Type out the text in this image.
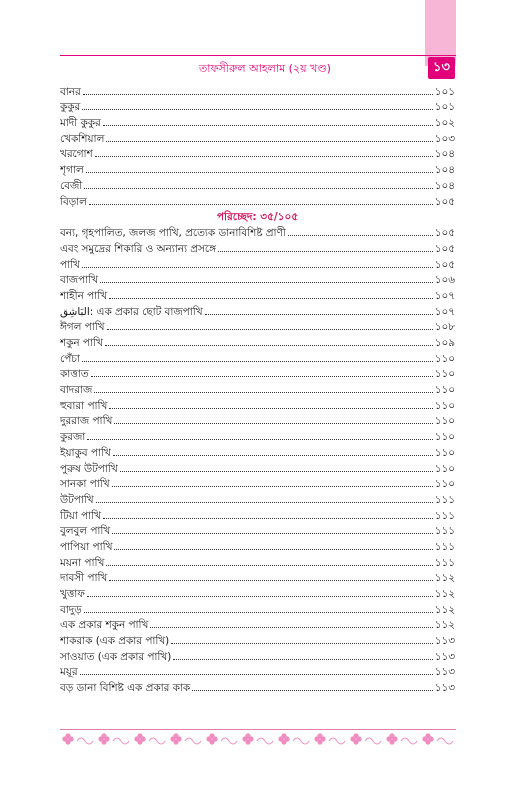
তাফসীরুল আহলাম (২য় খণ্ড)	১৩
বানর	১০১
কুকুর	১০১
মাদী কুকুর	১০২
খেকশিয়াল	১০৩
খরগোশ	১০৪
শৃগাল	১০৪
বেজী	১০৪
বিড়াল	১০৫
পরিচ্ছেদ: ৩৫/১০৫
বন্য, গৃহপালিত, জলজ পাখি, প্রত্যেক ডানাবিশিষ্ট প্রাণী	১০৫
এবং সমুদ্রের শিকারি ও অন্যান্য প্রসঙ্গে	১০৫
পাখি	১০৫
বাজপাখি	১০৬
শাহীন পাখি	১০৭
البَاشِق: এক প্রকার ছোট বাজপাখি	১০৭
ঈগল পাখি	১০৮
শকুন পাখি	১০৯
পেঁচা	১১০
কাত্তাত	১১০
বাদরাজ	১১০
হুবারা পাখি	১১০
দুররাজ পাখি	১১০
কুরজা	১১০
ইয়াকুব পাখি	১১০
পুরুষ উটপাখি	১১০
সানকা পাখি	১১০
উটপাখি	১১১
টিয়া পাখি	১১১
বুলবুল পাখি	১১১
পাপিয়া পাখি	১১১
ময়না পাখি	১১১
দাবসী পাখি	১১২
খুত্তাফ	১১২
বাদুড়	১১২
এক প্রকার শকুন পাখি	১১২
শাকরাক (এক প্রকার পাখি)	১১৩
সাওয়াত (এক প্রকার পাখি)	১১৩
ময়ূর	১১৩
বড় ডানা বিশিষ্ট এক প্রকার কাক	১১৩
